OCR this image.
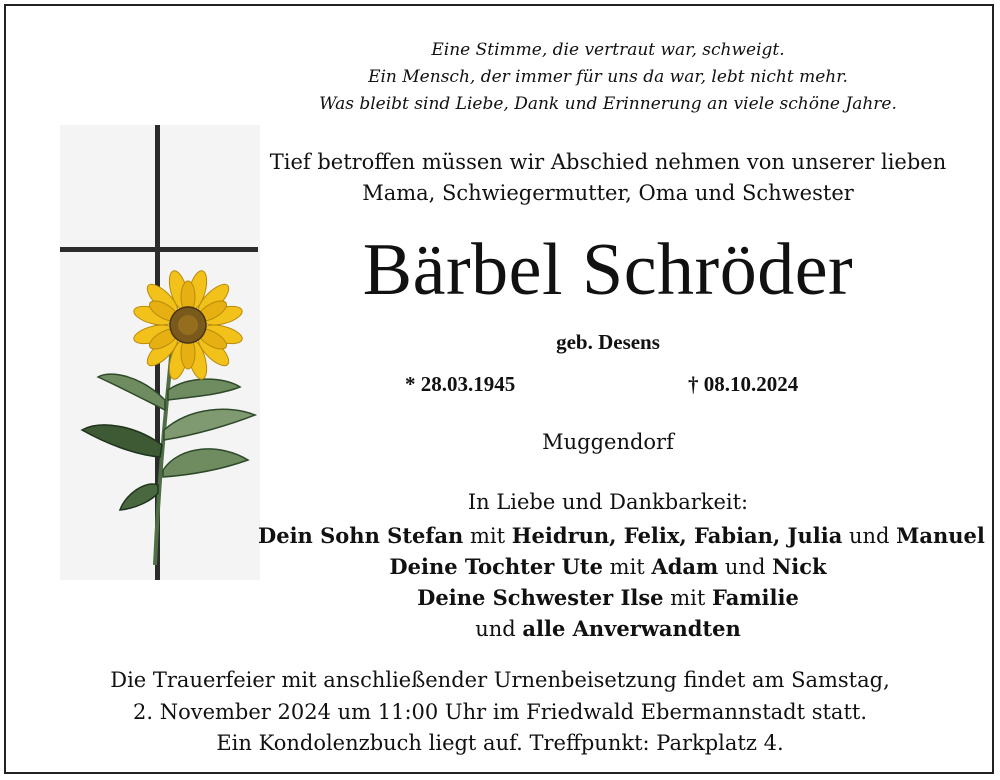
Eine Stimme, die vertraut war, schweigt.
Ein Mensch, der immer für uns da war, lebt nicht mehr.
Was bleibt sind Liebe, Dank und Erinnerung an viele schöne Jahre.
Tief betroffen müssen wir Abschied nehmen von unserer lieben
Mama, Schwiegermutter, Oma und Schwester
Bärbel Schröder
geb. Desens
* 28.03.1945	† 08.10.2024
Muggendorf
In Liebe und Dankbarkeit:
Dein Sohn Stefan mit Heidrun, Felix, Fabian, Julia und Manuel
Deine Tochter Ute mit Adam und Nick
Deine Schwester Ilse mit Familie
und alle Anverwandten
Die Trauerfeier mit anschließender Urnenbeisetzung findet am Samstag,
2. November 2024 um 11:00 Uhr im Friedwald Ebermannstadt statt.
Ein Kondolenzbuch liegt auf. Treffpunkt: Parkplatz 4.
